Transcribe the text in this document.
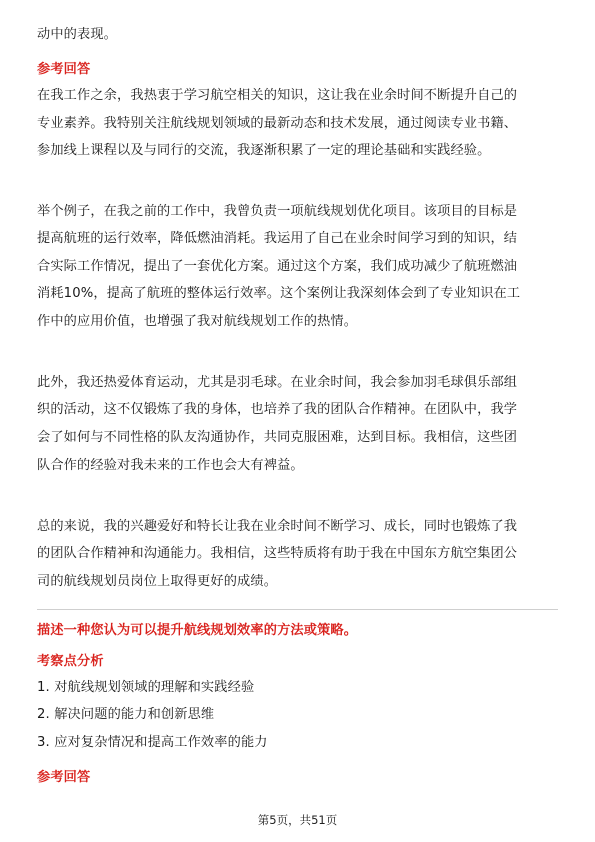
动中的表现。
参考回答
在我工作之余，我热衷于学习航空相关的知识，这让我在业余时间不断提升自己的
专业素养。我特别关注航线规划领域的最新动态和技术发展，通过阅读专业书籍、
参加线上课程以及与同行的交流，我逐渐积累了一定的理论基础和实践经验。
举个例子，在我之前的工作中，我曾负责一项航线规划优化项目。该项目的目标是
提高航班的运行效率，降低燃油消耗。我运用了自己在业余时间学习到的知识，结
合实际工作情况，提出了一套优化方案。通过这个方案，我们成功减少了航班燃油
消耗10%，提高了航班的整体运行效率。这个案例让我深刻体会到了专业知识在工
作中的应用价值，也增强了我对航线规划工作的热情。
此外，我还热爱体育运动，尤其是羽毛球。在业余时间，我会参加羽毛球俱乐部组
织的活动，这不仅锻炼了我的身体，也培养了我的团队合作精神。在团队中，我学
会了如何与不同性格的队友沟通协作，共同克服困难，达到目标。我相信，这些团
队合作的经验对我未来的工作也会大有裨益。
总的来说，我的兴趣爱好和特长让我在业余时间不断学习、成长，同时也锻炼了我
的团队合作精神和沟通能力。我相信，这些特质将有助于我在中国东方航空集团公
司的航线规划员岗位上取得更好的成绩。
描述一种您认为可以提升航线规划效率的方法或策略。
考察点分析
1. 对航线规划领域的理解和实践经验
2. 解决问题的能力和创新思维
3. 应对复杂情况和提高工作效率的能力
参考回答
第5页，共51页
